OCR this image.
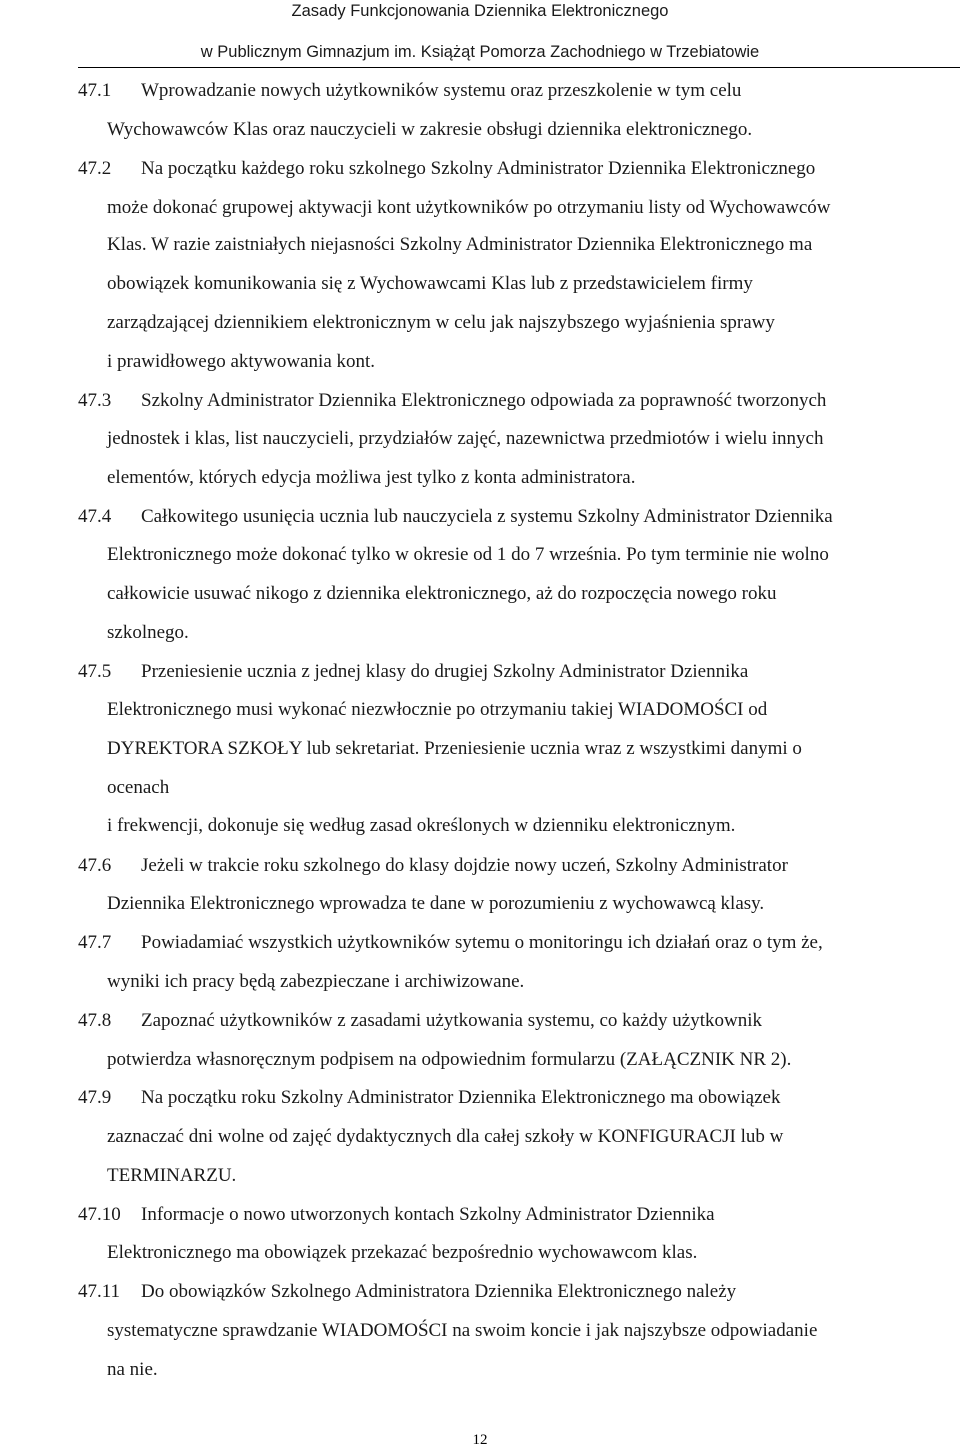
Zasady Funkcjonowania Dziennika Elektronicznego
w Publicznym Gimnazjum im. Książąt Pomorza Zachodniego w Trzebiatowie
47.1 Wprowadzanie nowych użytkowników systemu oraz przeszkolenie w tym celu
Wychowawców Klas oraz nauczycieli w zakresie obsługi dziennika elektronicznego.
47.2 Na początku każdego roku szkolnego Szkolny Administrator Dziennika Elektronicznego
może dokonać grupowej aktywacji kont użytkowników po otrzymaniu listy od Wychowawców
Klas. W razie zaistniałych niejasności Szkolny Administrator Dziennika Elektronicznego ma
obowiązek komunikowania się z Wychowawcami Klas lub z przedstawicielem firmy
zarządzającej dziennikiem elektronicznym w celu jak najszybszego wyjaśnienia sprawy
i prawidłowego aktywowania kont.
47.3 Szkolny Administrator Dziennika Elektronicznego odpowiada za poprawność tworzonych
jednostek i klas, list nauczycieli, przydziałów zajęć, nazewnictwa przedmiotów i wielu innych
elementów, których edycja możliwa jest tylko z konta administratora.
47.4 Całkowitego usunięcia ucznia lub nauczyciela z systemu Szkolny Administrator Dziennika
Elektronicznego może dokonać tylko w okresie od 1 do 7 września. Po tym terminie nie wolno
całkowicie usuwać nikogo z dziennika elektronicznego, aż do rozpoczęcia nowego roku
szkolnego.
47.5 Przeniesienie ucznia z jednej klasy do drugiej Szkolny Administrator Dziennika
Elektronicznego musi wykonać niezwłocznie po otrzymaniu takiej WIADOMOŚCI od
DYREKTORA SZKOŁY lub sekretariat. Przeniesienie ucznia wraz z wszystkimi danymi o
ocenach
i frekwencji, dokonuje się według zasad określonych w dzienniku elektronicznym.
47.6 Jeżeli w trakcie roku szkolnego do klasy dojdzie nowy uczeń, Szkolny Administrator
Dziennika Elektronicznego wprowadza te dane w porozumieniu z wychowawcą klasy.
47.7 Powiadamiać wszystkich użytkowników sytemu o monitoringu ich działań oraz o tym że,
wyniki ich pracy będą zabezpieczane i archiwizowane.
47.8 Zapoznać użytkowników z zasadami użytkowania systemu, co każdy użytkownik
potwierdza własnoręcznym podpisem na odpowiednim formularzu (ZAŁĄCZNIK NR 2).
47.9 Na początku roku Szkolny Administrator Dziennika Elektronicznego ma obowiązek
zaznaczać dni wolne od zajęć dydaktycznych dla całej szkoły w KONFIGURACJI lub w
TERMINARZU.
47.10 Informacje o nowo utworzonych kontach Szkolny Administrator Dziennika
Elektronicznego ma obowiązek przekazać bezpośrednio wychowawcom klas.
47.11 Do obowiązków Szkolnego Administratora Dziennika Elektronicznego należy
systematyczne sprawdzanie WIADOMOŚCI na swoim koncie i jak najszybsze odpowiadanie
na nie.
12
